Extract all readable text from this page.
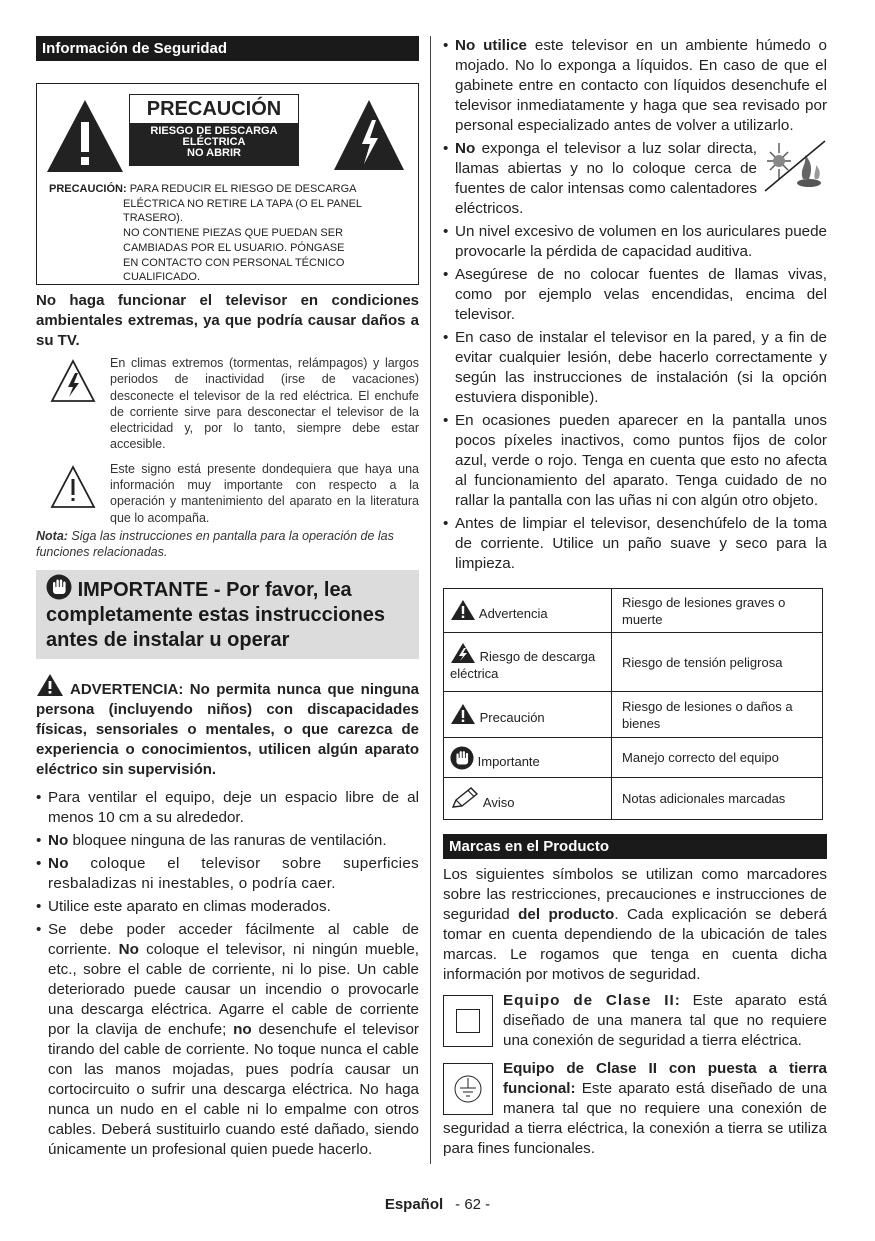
Información de Seguridad
PRECAUCIÓN
RIESGO DE DESCARGA
ELÉCTRICA
NO ABRIR
PRECAUCIÓN: PARA REDUCIR EL RIESGO DE DESCARGA
ELÉCTRICA NO RETIRE LA TAPA (O EL PANEL
TRASERO).
NO CONTIENE PIEZAS QUE PUEDAN SER
CAMBIADAS POR EL USUARIO. PÓNGASE
EN CONTACTO CON PERSONAL TÉCNICO
CUALIFICADO.
No haga funcionar el televisor en condiciones ambientales extremas, ya que podría causar daños a su TV.
En climas extremos (tormentas, relámpagos) y largos periodos de inactividad (irse de vacaciones) desconecte el televisor de la red eléctrica. El enchufe de corriente sirve para desconectar el televisor de la electricidad y, por lo tanto, siempre debe estar accesible.
Este signo está presente dondequiera que haya una información muy importante con respecto a la operación y mantenimiento del aparato en la literatura que lo acompaña.
Nota: Siga las instrucciones en pantalla para la operación de las funciones relacionadas.
IMPORTANTE - Por favor, lea completamente estas instrucciones antes de instalar u operar
ADVERTENCIA: No permita nunca que ninguna persona (incluyendo niños) con discapacidades físicas, sensoriales o mentales, o que carezca de experiencia o conocimientos, utilicen algún aparato eléctrico sin supervisión.
• Para ventilar el equipo, deje un espacio libre de al menos 10 cm a su alrededor.
• No bloquee ninguna de las ranuras de ventilación.
• No coloque el televisor sobre superficies resbaladizas ni inestables, o podría caer.
• Utilice este aparato en climas moderados.
• Se debe poder acceder fácilmente al cable de corriente. No coloque el televisor, ni ningún mueble, etc., sobre el cable de corriente, ni lo pise. Un cable deteriorado puede causar un incendio o provocarle una descarga eléctrica. Agarre el cable de corriente por la clavija de enchufe; no desenchufe el televisor tirando del cable de corriente. No toque nunca el cable con las manos mojadas, pues podría causar un cortocircuito o sufrir una descarga eléctrica. No haga nunca un nudo en el cable ni lo empalme con otros cables. Deberá sustituirlo cuando esté dañado, siendo únicamente un profesional quien puede hacerlo.
• No utilice este televisor en un ambiente húmedo o mojado. No lo exponga a líquidos. En caso de que el gabinete entre en contacto con líquidos desenchufe el televisor inmediatamente y haga que sea revisado por personal especializado antes de volver a utilizarlo.
• No exponga el televisor a luz solar directa, llamas abiertas y no lo coloque cerca de fuentes de calor intensas como calentadores eléctricos.
• Un nivel excesivo de volumen en los auriculares puede provocarle la pérdida de capacidad auditiva.
• Asegúrese de no colocar fuentes de llamas vivas, como por ejemplo velas encendidas, encima del televisor.
• En caso de instalar el televisor en la pared, y a fin de evitar cualquier lesión, debe hacerlo correctamente y según las instrucciones de instalación (si la opción estuviera disponible).
• En ocasiones pueden aparecer en la pantalla unos pocos píxeles inactivos, como puntos fijos de color azul, verde o rojo. Tenga en cuenta que esto no afecta al funcionamiento del aparato. Tenga cuidado de no rallar la pantalla con las uñas ni con algún otro objeto.
• Antes de limpiar el televisor, desenchúfelo de la toma de corriente. Utilice un paño suave y seco para la limpieza.
Advertencia	Riesgo de lesiones graves o muerte
Riesgo de descarga eléctrica	Riesgo de tensión peligrosa
Precaución	Riesgo de lesiones o daños a bienes
Importante	Manejo correcto del equipo
Aviso	Notas adicionales marcadas
Marcas en el Producto
Los siguientes símbolos se utilizan como marcadores sobre las restricciones, precauciones e instrucciones de seguridad del producto. Cada explicación se deberá tomar en cuenta dependiendo de la ubicación de tales marcas. Le rogamos que tenga en cuenta dicha información por motivos de seguridad.
Equipo de Clase II: Este aparato está diseñado de una manera tal que no requiere una conexión de seguridad a tierra eléctrica.
Equipo de Clase II con puesta a tierra funcional: Este aparato está diseñado de una manera tal que no requiere una conexión de seguridad a tierra eléctrica, la conexión a tierra se utiliza para fines funcionales.
Español - 62 -
